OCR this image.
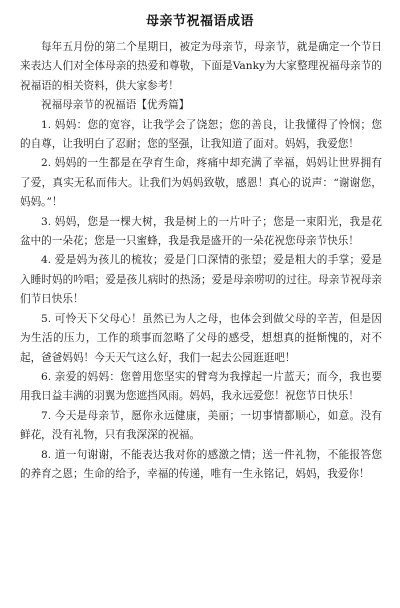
母亲节祝福语成语

每年五月份的第二个星期日，被定为母亲节，母亲节，就是确定一个节日来表达人们对全体母亲的热爱和尊敬，下面是Vanky为大家整理祝福母亲节的祝福语的相关资料，供大家参考！

祝福母亲节的祝福语【优秀篇】

1. 妈妈：您的宽容，让我学会了饶恕；您的善良，让我懂得了怜悯；您的自尊，让我明白了忍耐；您的坚强，让我知道了面对。妈妈，我爱您！

2. 妈妈的一生都是在孕育生命，疼痛中却充满了幸福，妈妈让世界拥有了爱，真实无私而伟大。让我们为妈妈致敬，感恩！真心的说声：“谢谢您，妈妈。”！

3. 妈妈，您是一棵大树，我是树上的一片叶子；您是一束阳光，我是花盆中的一朵花；您是一只蜜蜂，我是我是盛开的一朵花祝您母亲节快乐！

4. 爱是妈为孩儿的梳妆；爱是门口深情的张望；爱是粗大的手掌；爱是入睡时妈的吟唱；爱是孩儿病时的热汤；爱是母亲唠叨的过往。母亲节祝母亲们节日快乐！

5. 可怜天下父母心！虽然已为人之母，也体会到做父母的辛苦，但是因为生活的压力，工作的琐事而忽略了父母的感受，想想真的挺惭愧的，对不起，爸爸妈妈！今天天气这么好，我们一起去公园逛逛吧！

6. 亲爱的妈妈：您曾用您坚实的臂弯为我撑起一片蓝天；而今，我也要用我日益丰满的羽翼为您遮挡风雨。妈妈，我永远爱您！祝您节日快乐！

7. 今天是母亲节，愿你永远健康，美丽；一切事情都顺心，如意。没有鲜花，没有礼物，只有我深深的祝福。

8. 道一句谢谢，不能表达我对你的感激之情；送一件礼物，不能报答您的养育之恩；生命的给予，幸福的传递，唯有一生永铭记，妈妈，我爱你！
